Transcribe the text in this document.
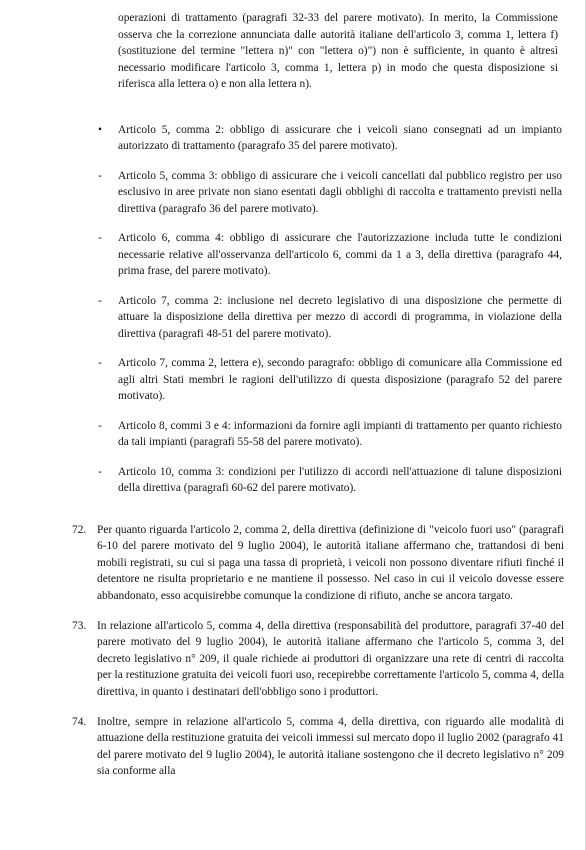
operazioni di trattamento (paragrafi 32-33 del parere motivato). In merito, la Commissione osserva che la correzione annunciata dalle autorità italiane dell'articolo 3, comma 1, lettera f) (sostituzione del termine "lettera n)" con "lettera o)") non è sufficiente, in quanto è altresì necessario modificare l'articolo 3, comma 1, lettera p) in modo che questa disposizione si riferisca alla lettera o) e non alla lettera n).
•	Articolo 5, comma 2: obbligo di assicurare che i veicoli siano consegnati ad un impianto autorizzato di trattamento (paragrafo 35 del parere motivato).
-	Articolo 5, comma 3: obbligo di assicurare che i veicoli cancellati dal pubblico registro per uso esclusivo in aree private non siano esentati dagli obblighi di raccolta e trattamento previsti nella direttiva (paragrafo 36 del parere motivato).
-	Articolo 6, comma 4: obbligo di assicurare che l'autorizzazione includa tutte le condizioni necessarie relative all'osservanza dell'articolo 6, commi da 1 a 3, della direttiva (paragrafo 44, prima frase, del parere motivato).
-	Articolo 7, comma 2: inclusione nel decreto legislativo di una disposizione che permette di attuare la disposizione della direttiva per mezzo di accordi di programma, in violazione della direttiva (paragrafi 48-51 del parere motivato).
-	Articolo 7, comma 2, lettera e), secondo paragrafo: obbligo di comunicare alla Commissione ed agli altri Stati membri le ragioni dell'utilizzo di questa disposizione (paragrafo 52 del parere motivato).
-	Articolo 8, commi 3 e 4: informazioni da fornire agli impianti di trattamento per quanto richiesto da tali impianti (paragrafi 55-58 del parere motivato).
-	Articolo 10, comma 3: condizioni per l'utilizzo di accordi nell'attuazione di talune disposizioni della direttiva (paragrafi 60-62 del parere motivato).
72. Per quanto riguarda l'articolo 2, comma 2, della direttiva (definizione di "veicolo fuori uso" (paragrafi 6-10 del parere motivato del 9 luglio 2004), le autorità italiane affermano che, trattandosi di beni mobili registrati, su cui si paga una tassa di proprietà, i veicoli non possono diventare rifiuti finché il detentore ne risulta proprietario e ne mantiene il possesso. Nel caso in cui il veicolo dovesse essere abbandonato, esso acquisirebbe comunque la condizione di rifiuto, anche se ancora targato.
73. In relazione all'articolo 5, comma 4, della direttiva (responsabilità del produttore, paragrafi 37-40 del parere motivato del 9 luglio 2004), le autorità italiane affermano che l'articolo 5, comma 3, del decreto legislativo n° 209, il quale richiede ai produttori di organizzare una rete di centri di raccolta per la restituzione gratuita dei veicoli fuori uso, recepirebbe correttamente l'articolo 5, comma 4, della direttiva, in quanto i destinatari dell'obbligo sono i produttori.
74. Inoltre, sempre in relazione all'articolo 5, comma 4, della direttiva, con riguardo alle modalità di attuazione della restituzione gratuita dei veicoli immessi sul mercato dopo il luglio 2002 (paragrafo 41 del parere motivato del 9 luglio 2004), le autorità italiane sostengono che il decreto legislativo n° 209 sia conforme alla
